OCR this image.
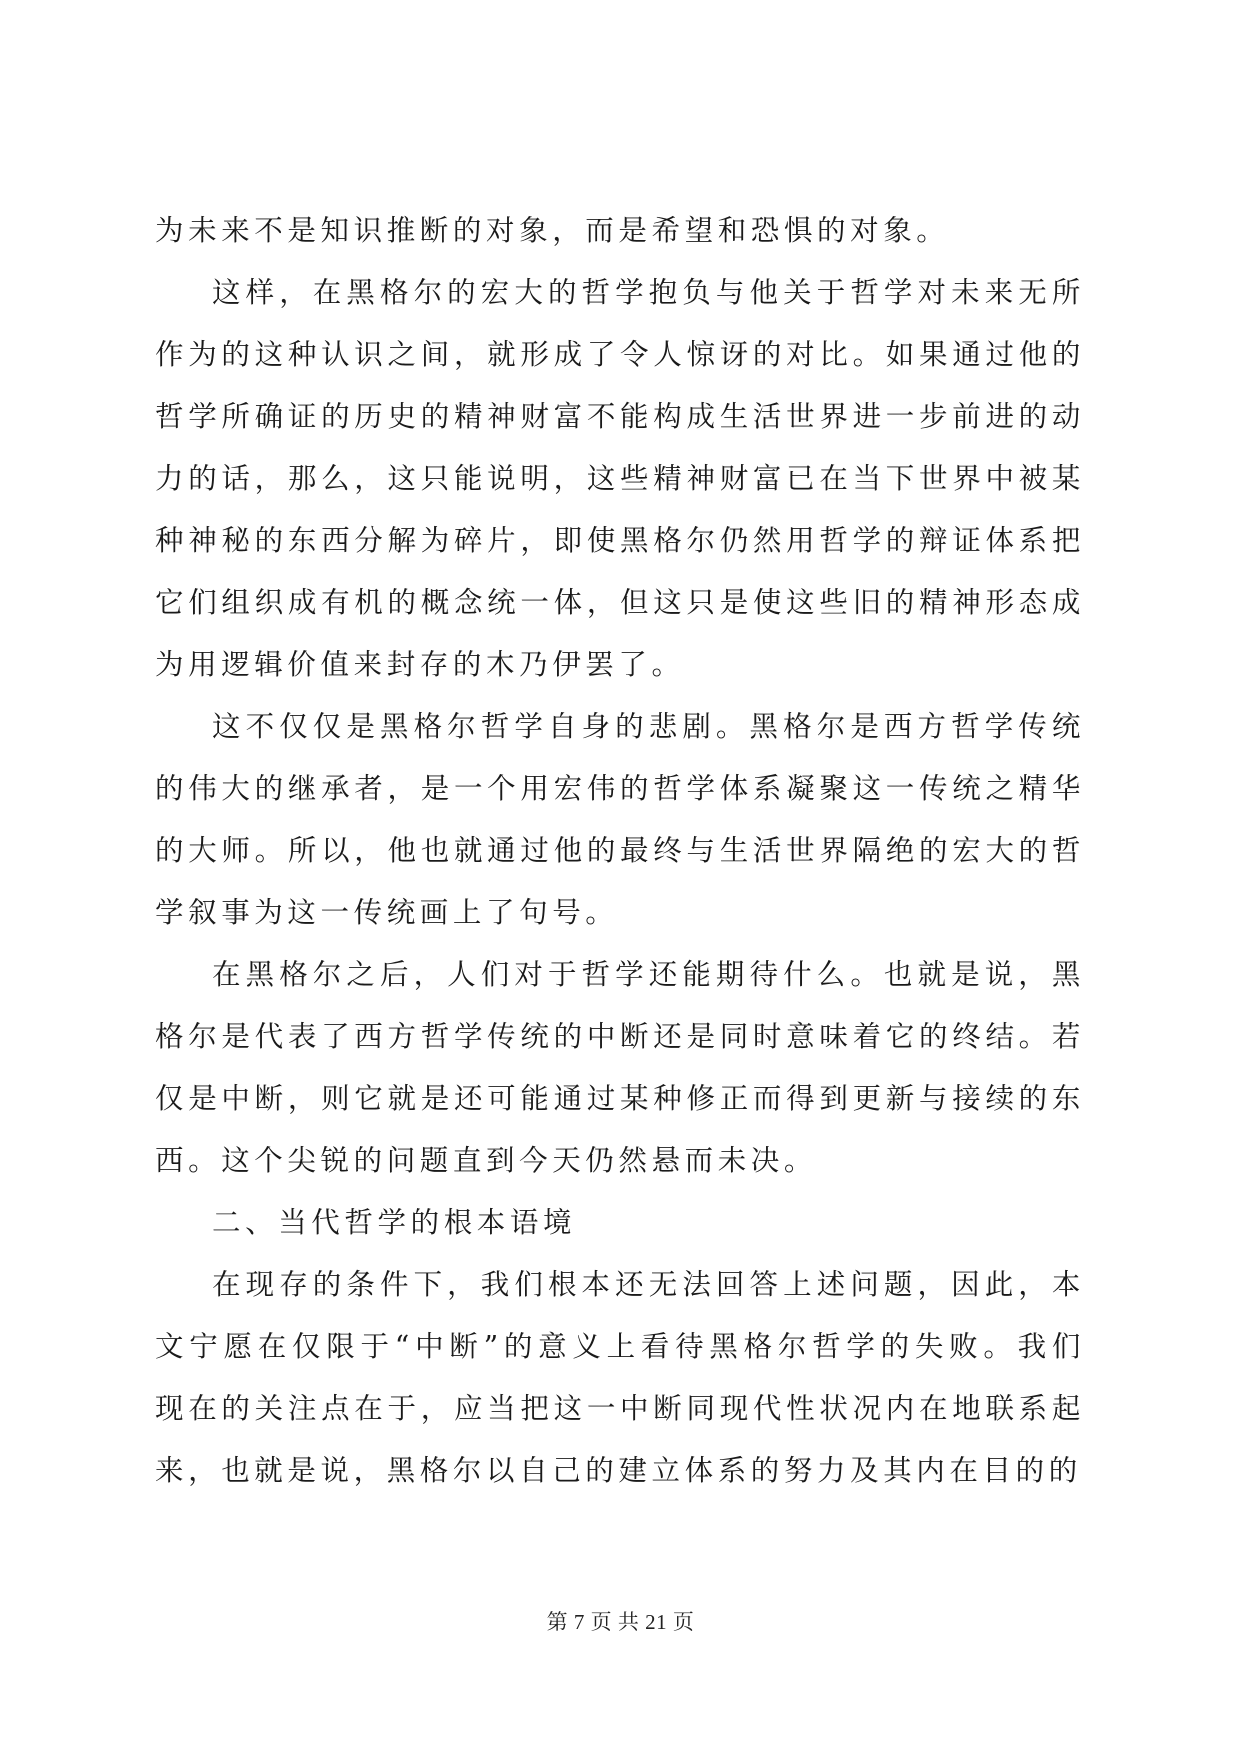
为未来不是知识推断的对象，而是希望和恐惧的对象。

这样，在黑格尔的宏大的哲学抱负与他关于哲学对未来无所作为的这种认识之间，就形成了令人惊讶的对比。如果通过他的哲学所确证的历史的精神财富不能构成生活世界进一步前进的动力的话，那么，这只能说明，这些精神财富已在当下世界中被某种神秘的东西分解为碎片，即使黑格尔仍然用哲学的辩证体系把它们组织成有机的概念统一体，但这只是使这些旧的精神形态成为用逻辑价值来封存的木乃伊罢了。

这不仅仅是黑格尔哲学自身的悲剧。黑格尔是西方哲学传统的伟大的继承者，是一个用宏伟的哲学体系凝聚这一传统之精华的大师。所以，他也就通过他的最终与生活世界隔绝的宏大的哲学叙事为这一传统画上了句号。

在黑格尔之后，人们对于哲学还能期待什么。也就是说，黑格尔是代表了西方哲学传统的中断还是同时意味着它的终结。若仅是中断，则它就是还可能通过某种修正而得到更新与接续的东西。这个尖锐的问题直到今天仍然悬而未决。

二、当代哲学的根本语境

在现存的条件下，我们根本还无法回答上述问题，因此，本文宁愿在仅限于“中断”的意义上看待黑格尔哲学的失败。我们现在的关注点在于，应当把这一中断同现代性状况内在地联系起来，也就是说，黑格尔以自己的建立体系的努力及其内在目的的

第 7 页 共 21 页
